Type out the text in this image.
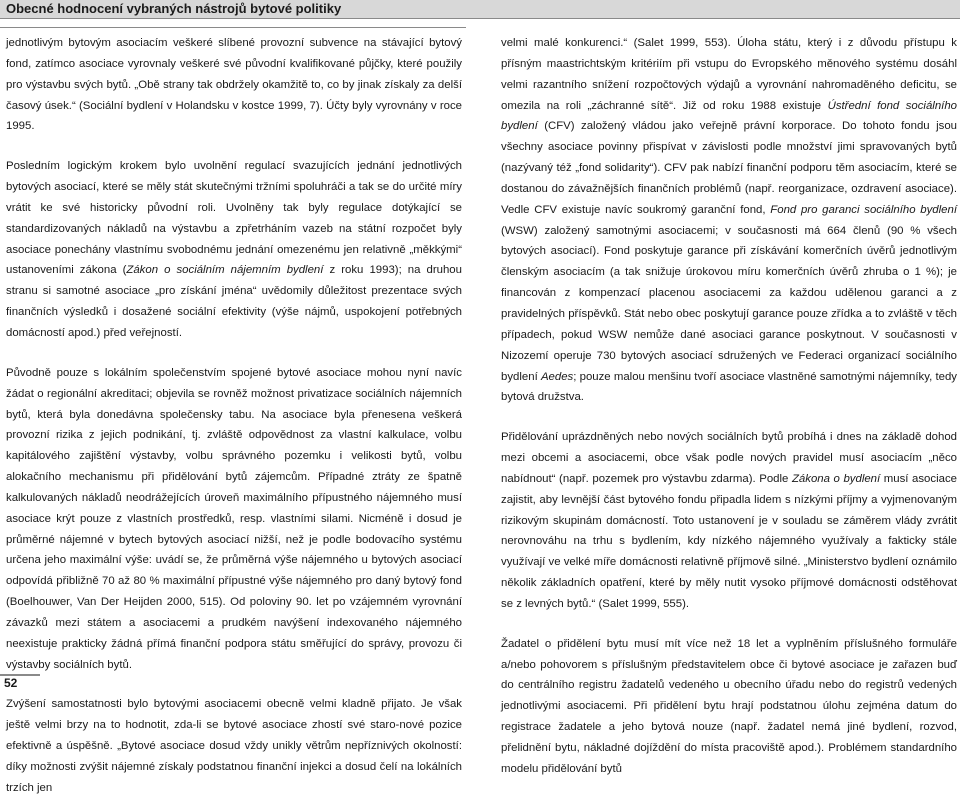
Obecné hodnocení vybraných nástrojů bytové politiky

jednotlivým bytovým asociacím veškeré slíbené provozní subvence na stávající bytový fond, zatímco asociace vyrovnaly veškeré své původní kvalifikované půjčky, které použily pro výstavbu svých bytů. „Obě strany tak obdržely okamžitě to, co by jinak získaly za delší časový úsek.“ (Sociální bydlení v Holandsku v kostce 1999, 7). Účty byly vyrovnány v roce 1995.

Posledním logickým krokem bylo uvolnění regulací svazujících jednání jednotlivých bytových asociací, které se měly stát skutečnými tržními spoluhráči a tak se do určité míry vrátit ke své historicky původní roli. Uvolněny tak byly regulace dotýkající se standardizovaných nákladů na výstavbu a zpřetrháním vazeb na státní rozpočet byly asociace ponechány vlastnímu svobodnému jednání omezenému jen relativně „měkkými“ ustanoveními zákona (Zákon o sociálním nájemním bydlení z roku 1993); na druhou stranu si samotné asociace „pro získání jména“ uvědomily důležitost prezentace svých finančních výsledků i dosažené sociální efektivity (výše nájmů, uspokojení potřebných domácností apod.) před veřejností.

Původně pouze s lokálním společenstvím spojené bytové asociace mohou nyní navíc žádat o regionální akreditaci; objevila se rovněž možnost privatizace sociálních nájemních bytů, která byla donedávna společensky tabu. Na asociace byla přenesena veškerá provozní rizika z jejich podnikání, tj. zvláště odpovědnost za vlastní kalkulace, volbu kapitálového zajištění výstavby, volbu správného pozemku i velikosti bytů, volbu alokačního mechanismu při přidělování bytů zájemcům. Případné ztráty ze špatně kalkulovaných nákladů neodrážejících úroveň maximálního přípustného nájemného musí asociace krýt pouze z vlastních prostředků, resp. vlastními silami. Nicméně i dosud je průměrné nájemné v bytech bytových asociací nižší, než je podle bodovacího systému určena jeho maximální výše: uvádí se, že průměrná výše nájemného u bytových asociací odpovídá přibližně 70 až 80 % maximální přípustné výše nájemného pro daný bytový fond (Boelhouwer, Van Der Heijden 2000, 515). Od poloviny 90. let po vzájemném vyrovnání závazků mezi státem a asociacemi a prudkém navýšení indexovaného nájemného neexistuje prakticky žádná přímá finanční podpora státu směřující do správy, provozu či výstavby sociálních bytů.

Zvýšení samostatnosti bylo bytovými asociacemi obecně velmi kladně přijato. Je však ještě velmi brzy na to hodnotit, zda-li se bytové asociace zhostí své staro-nové pozice efektivně a úspěšně. „Bytové asociace dosud vždy unikly větrům nepříznivých okolností: díky možnosti zvýšit nájemné získaly podstatnou finanční injekci a dosud čelí na lokálních trzích jen

velmi malé konkurenci.“ (Salet 1999, 553). Úloha státu, který i z důvodu přístupu k přísným maastrichtským kritériím při vstupu do Evropského měnového systému dosáhl velmi razantního snížení rozpočtových výdajů a vyrovnání nahromaděného deficitu, se omezila na roli „záchranné sítě“. Již od roku 1988 existuje Ústřední fond sociálního bydlení (CFV) založený vládou jako veřejně právní korporace. Do tohoto fondu jsou všechny asociace povinny přispívat v závislosti podle množství jimi spravovaných bytů (nazývaný též „fond solidarity“). CFV pak nabízí finanční podporu těm asociacím, které se dostanou do závažnějších finančních problémů (např. reorganizace, ozdravení asociace). Vedle CFV existuje navíc soukromý garanční fond, Fond pro garanci sociálního bydlení (WSW) založený samotnými asociacemi; v současnosti má 664 členů (90 % všech bytových asociací). Fond poskytuje garance při získávání komerčních úvěrů jednotlivým členským asociacím (a tak snižuje úrokovou míru komerčních úvěrů zhruba o 1 %); je financován z kompenzací placenou asociacemi za každou udělenou garanci a z pravidelných příspěvků. Stát nebo obec poskytují garance pouze zřídka a to zvláště v těch případech, pokud WSW nemůže dané asociaci garance poskytnout. V současnosti v Nizozemí operuje 730 bytových asociací sdružených ve Federaci organizací sociálního bydlení Aedes; pouze malou menšinu tvoří asociace vlastněné samotnými nájemníky, tedy bytová družstva.

Přidělování uprázdněných nebo nových sociálních bytů probíhá i dnes na základě dohod mezi obcemi a asociacemi, obce však podle nových pravidel musí asociacím „něco nabídnout“ (např. pozemek pro výstavbu zdarma). Podle Zákona o bydlení musí asociace zajistit, aby levnější část bytového fondu připadla lidem s nízkými příjmy a vyjmenovaným rizikovým skupinám domácností. Toto ustanovení je v souladu se záměrem vlády zvrátit nerovnováhu na trhu s bydlením, kdy nízkého nájemného využívaly a fakticky stále využívají ve velké míře domácnosti relativně příjmově silné. „Ministerstvo bydlení oznámilo několik základních opatření, které by měly nutit vysoko příjmové domácnosti odstěhovat se z levných bytů.“ (Salet 1999, 555).

Žadatel o přidělení bytu musí mít více než 18 let a vyplněním příslušného formuláře a/nebo pohovorem s příslušným představitelem obce či bytové asociace je zařazen buď do centrálního registru žadatelů vedeného u obecního úřadu nebo do registrů vedených jednotlivými asociacemi. Při přidělení bytu hrají podstatnou úlohu zejména datum do registrace žadatele a jeho bytová nouze (např. žadatel nemá jiné bydlení, rozvod, přelidnění bytu, nákladné dojíždění do místa pracoviště apod.). Problémem standardního modelu přidělování bytů

52
